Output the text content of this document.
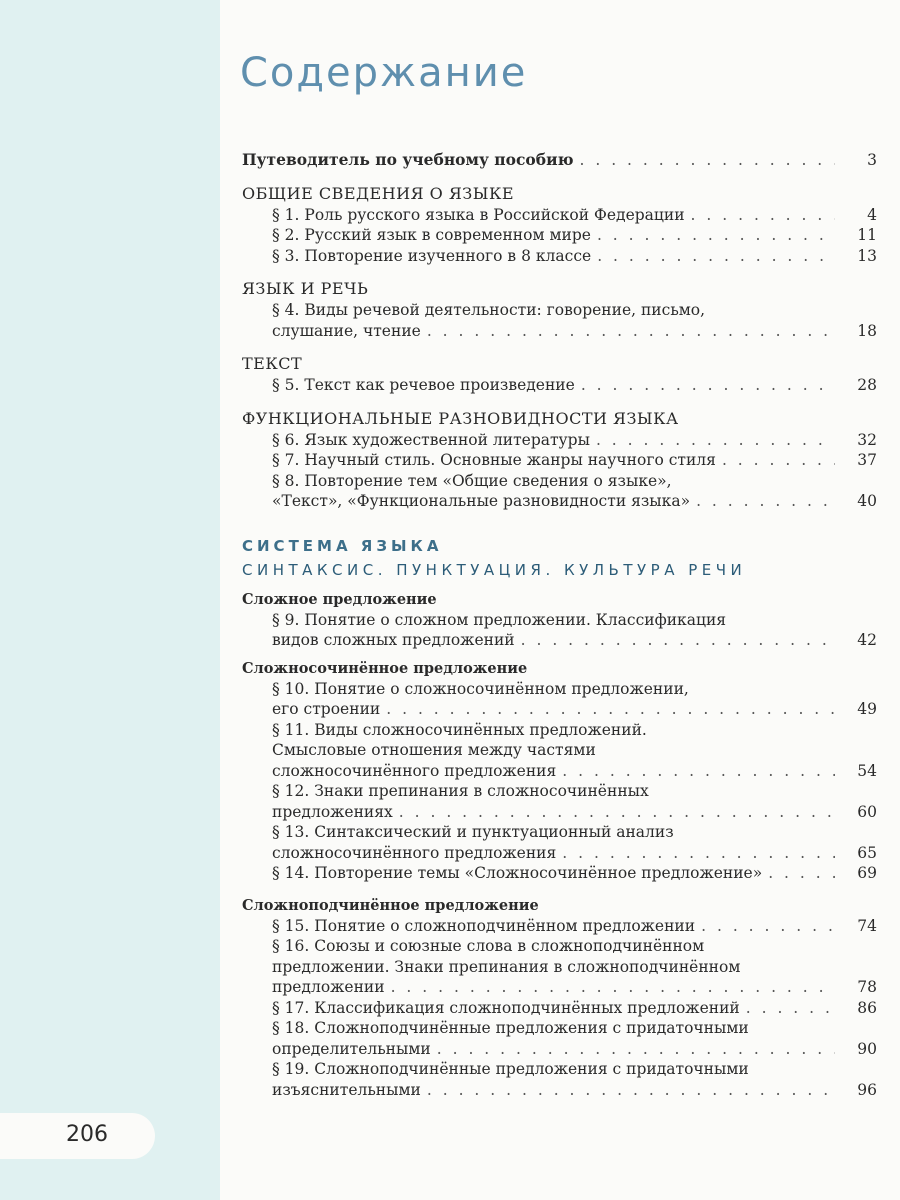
206
Содержание
Путеводитель по учебному пособию . . .	3
ОБЩИЕ СВЕДЕНИЯ О ЯЗЫКЕ
§ 1. Роль русского языка в Российской Федерации . . .	4
§ 2. Русский язык в современном мире . . .	11
§ 3. Повторение изученного в 8 классе . . .	13
ЯЗЫК И РЕЧЬ
§ 4. Виды речевой деятельности: говорение, письмо,
слушание, чтение . . .	18
ТЕКСТ
§ 5. Текст как речевое произведение . . .	28
ФУНКЦИОНАЛЬНЫЕ РАЗНОВИДНОСТИ ЯЗЫКА
§ 6. Язык художественной литературы . . .	32
§ 7. Научный стиль. Основные жанры научного стиля . . .	37
§ 8. Повторение тем «Общие сведения о языке»,
«Текст», «Функциональные разновидности языка» . . .	40
СИСТЕМА ЯЗЫКА
СИНТАКСИС. ПУНКТУАЦИЯ. КУЛЬТУРА РЕЧИ
Сложное предложение
§ 9. Понятие о сложном предложении. Классификация
видов сложных предложений . . .	42
Сложносочинённое предложение
§ 10. Понятие о сложносочинённом предложении,
его строении . . .	49
§ 11. Виды сложносочинённых предложений.
Смысловые отношения между частями
сложносочинённого предложения . . .	54
§ 12. Знаки препинания в сложносочинённых
предложениях . . .	60
§ 13. Синтаксический и пунктуационный анализ
сложносочинённого предложения . . .	65
§ 14. Повторение темы «Сложносочинённое предложение» . . .	69
Сложноподчинённое предложение
§ 15. Понятие о сложноподчинённом предложении . . .	74
§ 16. Союзы и союзные слова в сложноподчинённом
предложении. Знаки препинания в сложноподчинённом
предложении . . .	78
§ 17. Классификация сложноподчинённых предложений . . .	86
§ 18. Сложноподчинённые предложения с придаточными
определительными . . .	90
§ 19. Сложноподчинённые предложения с придаточными
изъяснительными . . .	96
